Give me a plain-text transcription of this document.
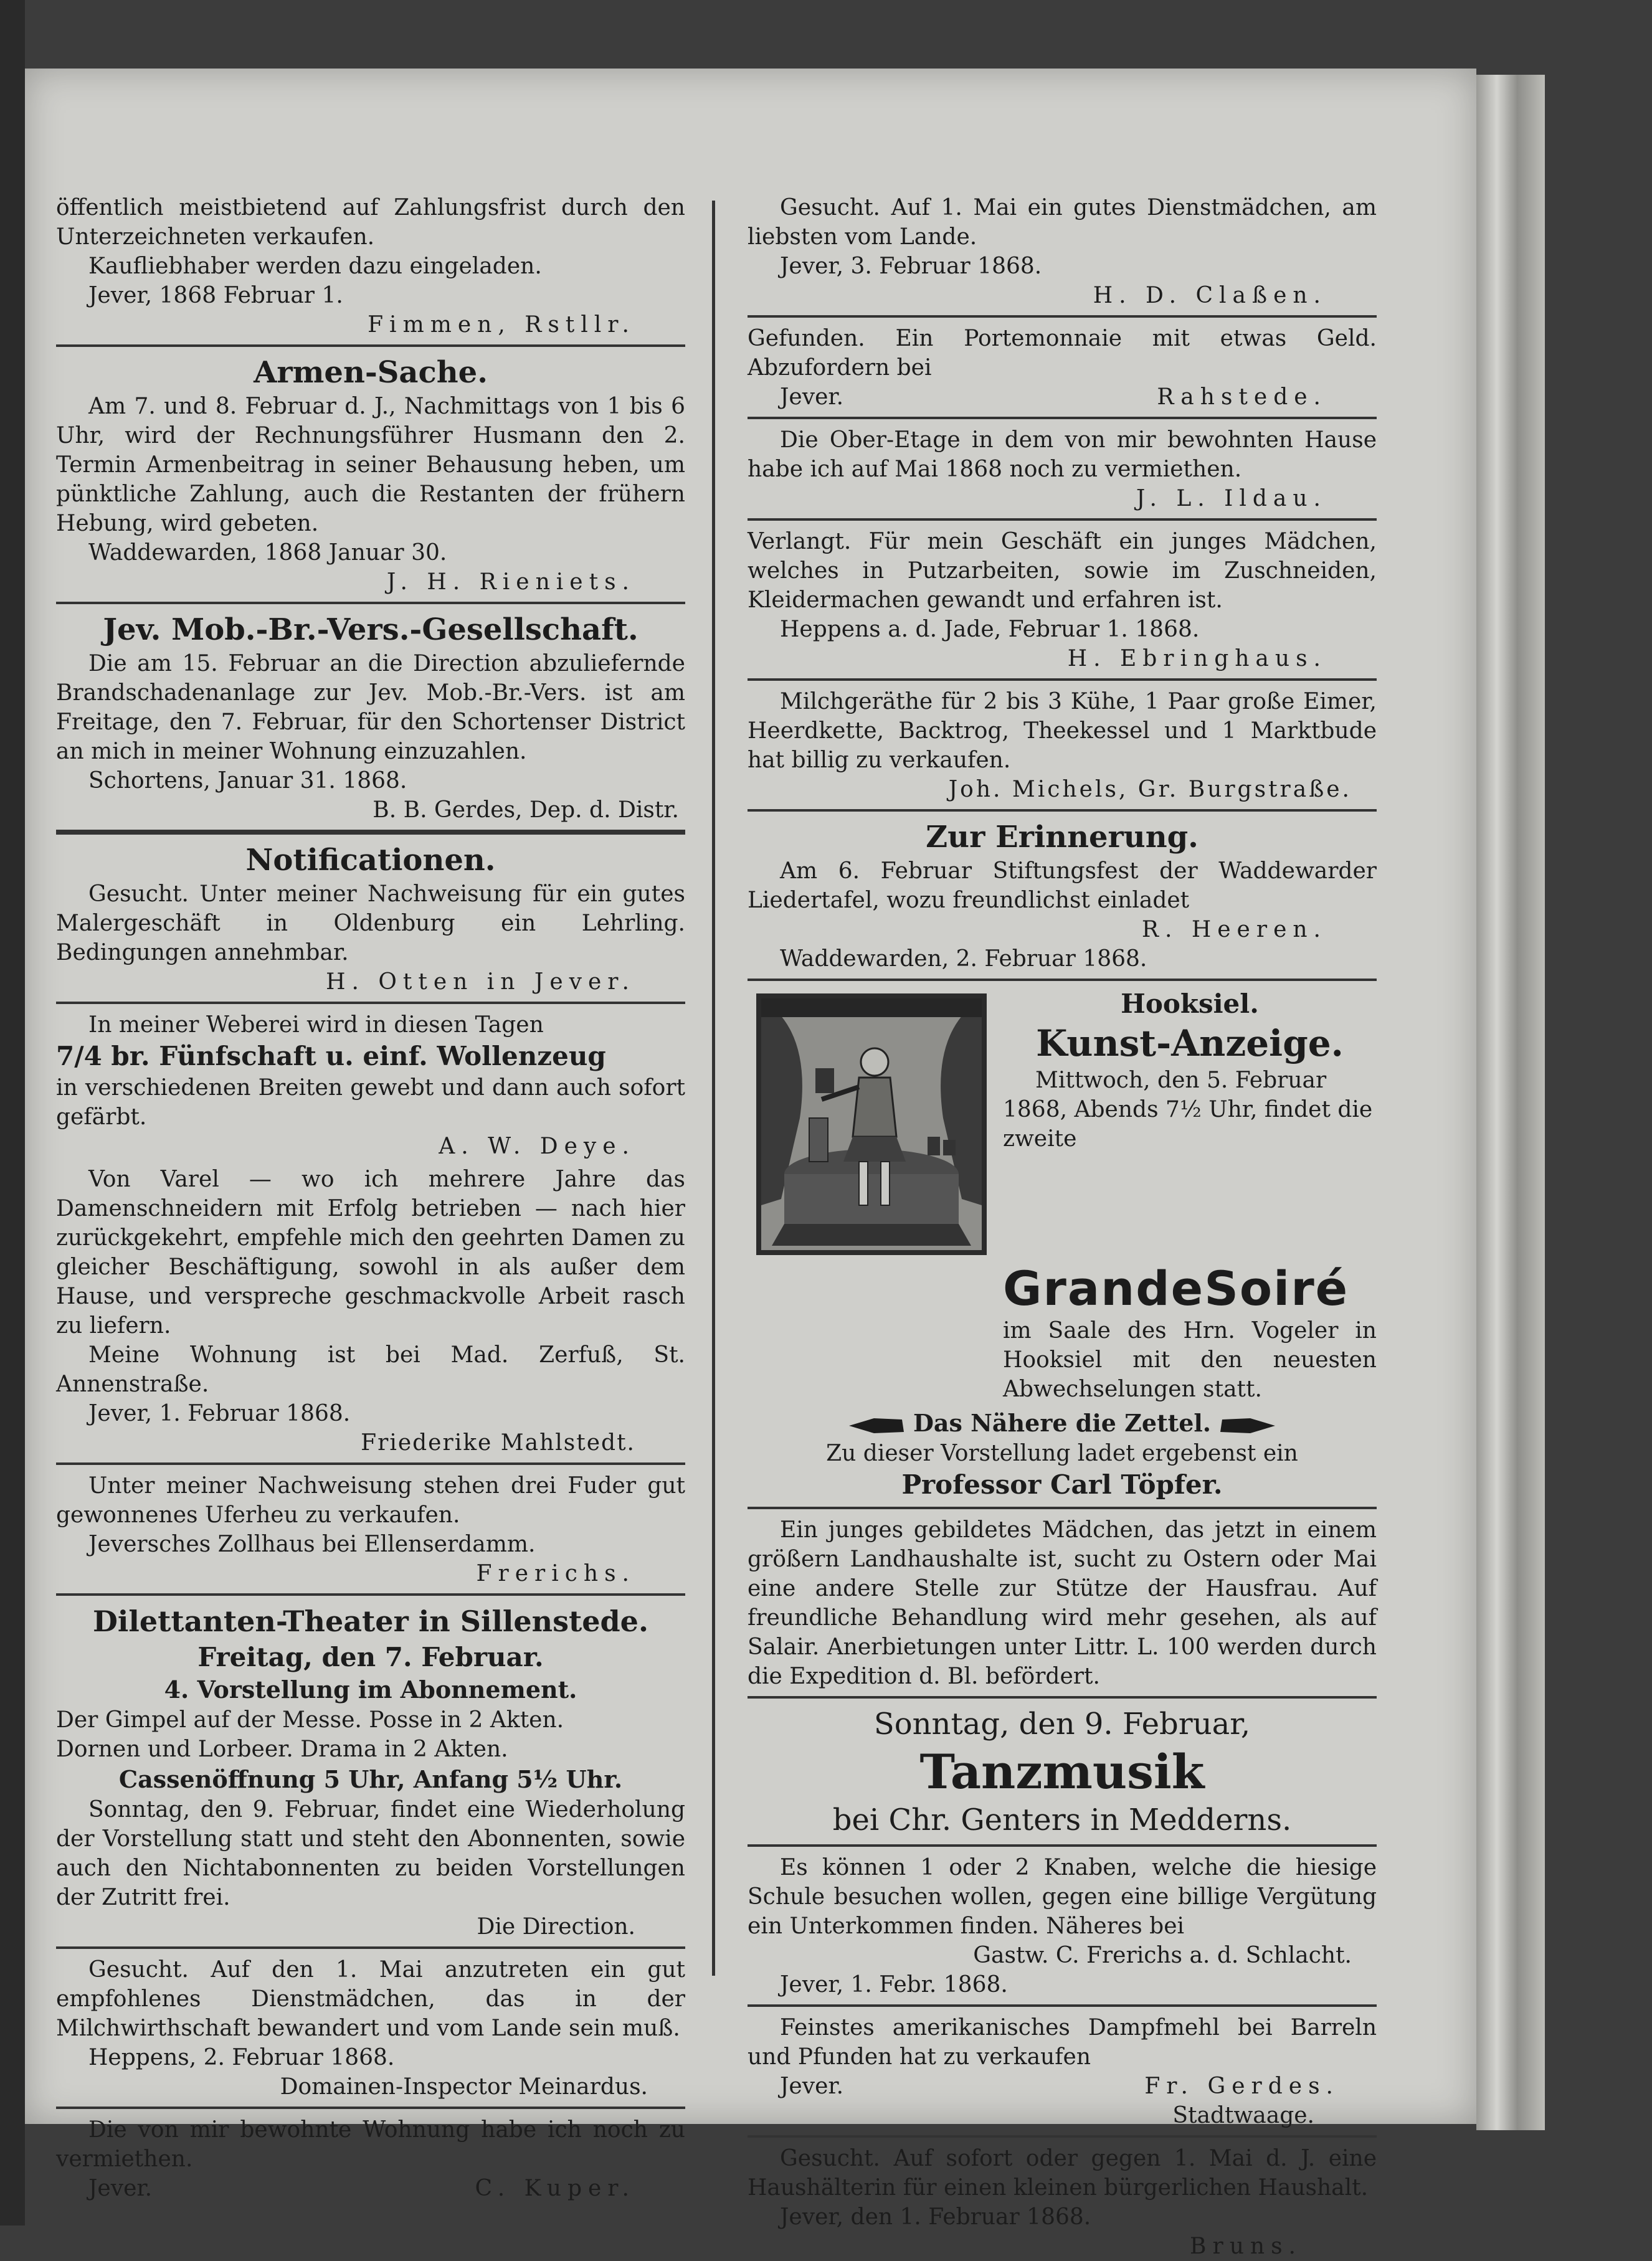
öffentlich meistbietend auf Zahlungsfrist durch den Unterzeichneten verkaufen.

Kaufliebhaber werden dazu eingeladen.

Jever, 1868 Februar 1.

Fimmen, Rstllr.

Armen-Sache.

Am 7. und 8. Februar d. J., Nachmittags von 1 bis 6 Uhr, wird der Rechnungsführer Husmann den 2. Termin Armenbeitrag in seiner Behausung heben, um pünktliche Zahlung, auch die Restanten der frühern Hebung, wird gebeten.

Waddewarden, 1868 Januar 30.

J. H. Rieniets.

Jev. Mob.-Br.-Vers.-Gesellschaft.

Die am 15. Februar an die Direction abzuliefernde Brandschadenanlage zur Jev. Mob.-Br.-Vers. ist am Freitage, den 7. Februar, für den Schortenser District an mich in meiner Wohnung einzuzahlen.

Schortens, Januar 31. 1868.

B. B. Gerdes, Dep. d. Distr.

Notificationen.

Gesucht. Unter meiner Nachweisung für ein gutes Malergeschäft in Oldenburg ein Lehrling. Bedingungen annehmbar.

H. Otten in Jever.

In meiner Weberei wird in diesen Tagen

7/4 br. Fünfschaft u. einf. Wollenzeug

in verschiedenen Breiten gewebt und dann auch sofort gefärbt.

A. W. Deye.

Von Varel — wo ich mehrere Jahre das Damenschneidern mit Erfolg betrieben — nach hier zurückgekehrt, empfehle mich den geehrten Damen zu gleicher Beschäftigung, sowohl in als außer dem Hause, und verspreche geschmackvolle Arbeit rasch zu liefern.

Meine Wohnung ist bei Mad. Zerfuß, St. Annenstraße.

Jever, 1. Februar 1868.

Friederike Mahlstedt.

Unter meiner Nachweisung stehen drei Fuder gut gewonnenes Uferheu zu verkaufen.

Jeversches Zollhaus bei Ellenserdamm.

Frerichs.

Dilettanten-Theater in Sillenstede.
Freitag, den 7. Februar.
4. Vorstellung im Abonnement.

Der Gimpel auf der Messe. Posse in 2 Akten.

Dornen und Lorbeer. Drama in 2 Akten.

Cassenöffnung 5 Uhr, Anfang 5½ Uhr.

Sonntag, den 9. Februar, findet eine Wiederholung der Vorstellung statt und steht den Abonnenten, sowie auch den Nichtabonnenten zu beiden Vorstellungen der Zutritt frei.

Die Direction.

Gesucht. Auf den 1. Mai anzutreten ein gut empfohlenes Dienstmädchen, das in der Milchwirthschaft bewandert und vom Lande sein muß.

Heppens, 2. Februar 1868.

Domainen-Inspector Meinardus.

Die von mir bewohnte Wohnung habe ich noch zu vermiethen.

Jever.	C. Kuper.

Gesucht. Auf 1. Mai ein gutes Dienstmädchen, am liebsten vom Lande.

Jever, 3. Februar 1868.

H. D. Claßen.

Gefunden. Ein Portemonnaie mit etwas Geld. Abzufordern bei

Jever.	Rahstede.

Die Ober-Etage in dem von mir bewohnten Hause habe ich auf Mai 1868 noch zu vermiethen.

J. L. Ildau.

Verlangt. Für mein Geschäft ein junges Mädchen, welches in Putzarbeiten, sowie im Zuschneiden, Kleidermachen gewandt und erfahren ist.

Heppens a. d. Jade, Februar 1. 1868.

H. Ebringhaus.

Milchgeräthe für 2 bis 3 Kühe, 1 Paar große Eimer, Heerdkette, Backtrog, Theekessel und 1 Marktbude hat billig zu verkaufen.

Joh. Michels, Gr. Burgstraße.

Zur Erinnerung.

Am 6. Februar Stiftungsfest der Waddewarder Liedertafel, wozu freundlichst einladet

R. Heeren.

Waddewarden, 2. Februar 1868.

Hooksiel.
Kunst-Anzeige.

Mittwoch, den 5. Februar 1868, Abends 7½ Uhr, findet die zweite

GrandeSoiré

im Saale des Hrn. Vogeler in Hooksiel mit den neuesten Abwechselungen statt.

Das Nähere die Zettel.

Zu dieser Vorstellung ladet ergebenst ein

Professor Carl Töpfer.

Ein junges gebildetes Mädchen, das jetzt in einem größern Landhaushalte ist, sucht zu Ostern oder Mai eine andere Stelle zur Stütze der Hausfrau. Auf freundliche Behandlung wird mehr gesehen, als auf Salair. Anerbietungen unter Littr. L. 100 werden durch die Expedition d. Bl. befördert.

Sonntag, den 9. Februar,
Tanzmusik
bei Chr. Genters in Medderns.

Es können 1 oder 2 Knaben, welche die hiesige Schule besuchen wollen, gegen eine billige Vergütung ein Unterkommen finden. Näheres bei

Gastw. C. Frerichs a. d. Schlacht.

Jever, 1. Febr. 1868.

Feinstes amerikanisches Dampfmehl bei Barreln und Pfunden hat zu verkaufen

Jever.	Fr. Gerdes.

Stadtwaage.

Gesucht. Auf sofort oder gegen 1. Mai d. J. eine Haushälterin für einen kleinen bürgerlichen Haushalt.

Jever, den 1. Februar 1868.

Bruns.
